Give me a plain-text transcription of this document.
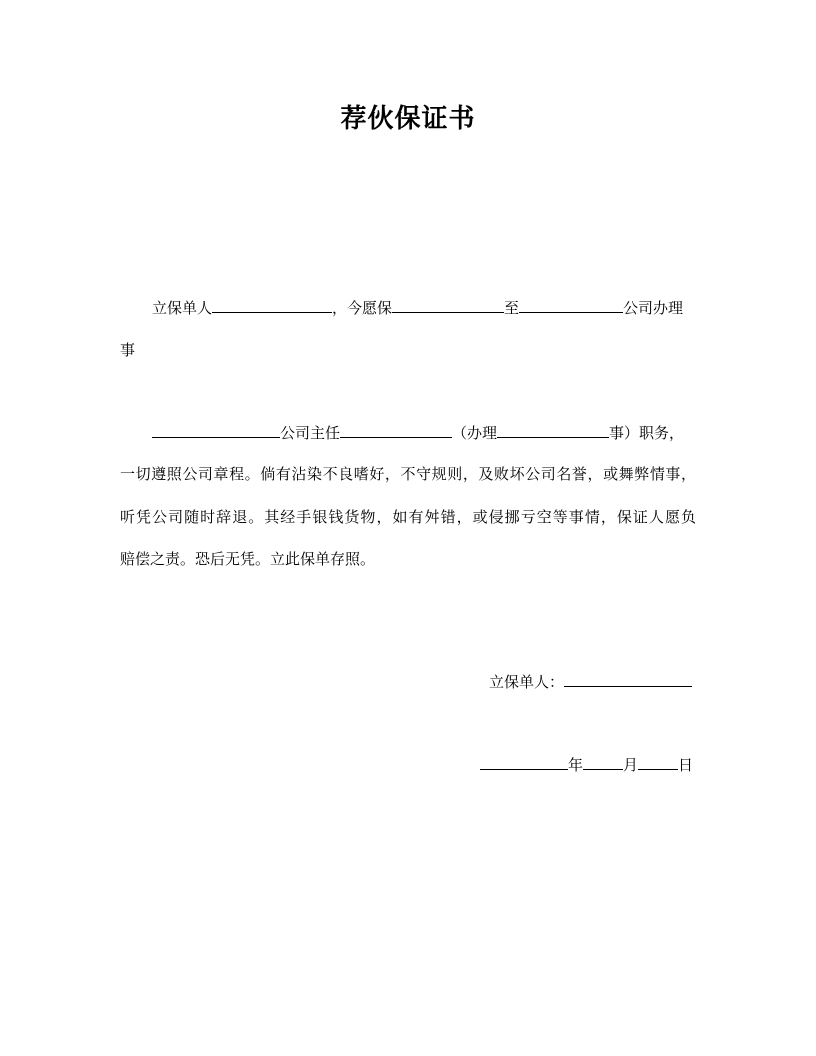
荐伙保证书
立保单人	，今愿保	至	公司办理
事
公司主任	（办理	事）职务，
一切遵照公司章程。倘有沾染不良嗜好，不守规则，及败坏公司名誉，或舞弊情事，
听凭公司随时辞退。其经手银钱货物，如有舛错，或侵挪亏空等事情，保证人愿负
赔偿之责。恐后无凭。立此保单存照。
立保单人：
年	月	日
